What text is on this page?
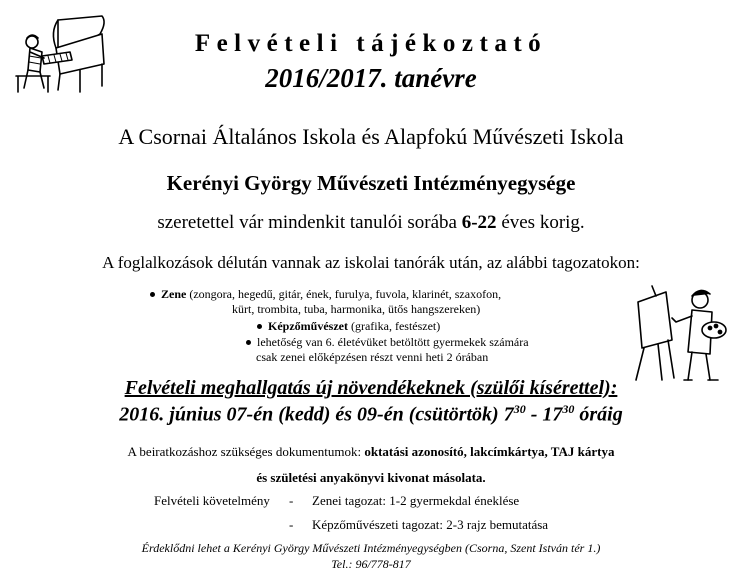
Felvételi tájékoztató
2016/2017. tanévre
A Csornai Általános Iskola és Alapfokú Művészeti Iskola
Kerényi György Művészeti Intézményegysége
szeretettel vár mindenkit tanulói sorába 6-22 éves korig.
A foglalkozások délután vannak az iskolai tanórák után, az alábbi tagozatokon:
Zene (zongora, hegedű, gitár, ének, furulya, fuvola, klarinét, szaxofon,
kürt, trombita, tuba, harmonika, ütős hangszereken)
Képzőművészet (grafika, festészet)
lehetőség van 6. életévüket betöltött gyermekek számára
csak zenei előképzésen részt venni heti 2 órában
Felvételi meghallgatás új növendékeknek (szülői kísérettel):
2016. június 07-én (kedd) és 09-én (csütörtök) $7^{30} - 17^{30}$ óráig
A beiratkozáshoz szükséges dokumentumok: oktatási azonosító, lakcímkártya, TAJ kártya
és születési anyakönyvi kivonat másolata.
Felvételi követelmény - Zenei tagozat: 1-2 gyermekdal éneklése
- Képzőművészeti tagozat: 2-3 rajz bemutatása
Érdeklődni lehet a Kerényi György Művészeti Intézményegységben (Csorna, Szent István tér 1.)
Tel.: 96/778-817
